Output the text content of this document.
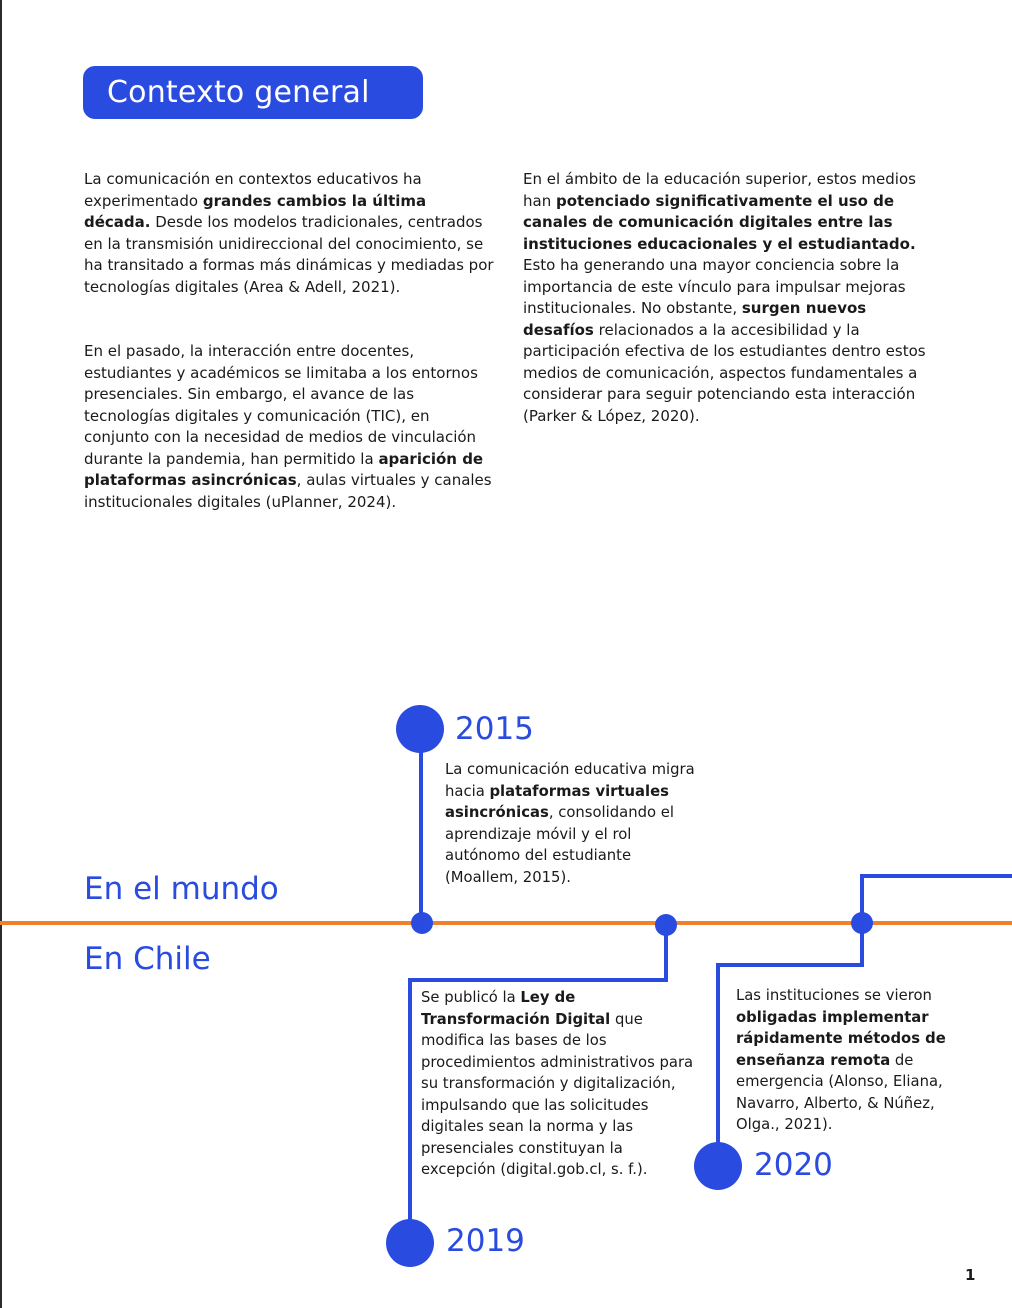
Contexto general

La comunicación en contextos educativos ha experimentado grandes cambios la última década. Desde los modelos tradicionales, centrados en la transmisión unidireccional del conocimiento, se ha transitado a formas más dinámicas y mediadas por tecnologías digitales (Area & Adell, 2021).

En el pasado, la interacción entre docentes, estudiantes y académicos se limitaba a los entornos presenciales. Sin embargo, el avance de las tecnologías digitales y comunicación (TIC), en conjunto con la necesidad de medios de vinculación durante la pandemia, han permitido la aparición de plataformas asincrónicas, aulas virtuales y canales institucionales digitales (uPlanner, 2024).

En el ámbito de la educación superior, estos medios han potenciado significativamente el uso de canales de comunicación digitales entre las instituciones educacionales y el estudiantado. Esto ha generando una mayor conciencia sobre la importancia de este vínculo para impulsar mejoras institucionales. No obstante, surgen nuevos desafíos relacionados a la accesibilidad y la participación efectiva de los estudiantes dentro estos medios de comunicación, aspectos fundamentales a considerar para seguir potenciando esta interacción (Parker & López, 2020).

En el mundo
En Chile
2015

La comunicación educativa migra hacia plataformas virtuales asincrónicas, consolidando el aprendizaje móvil y el rol autónomo del estudiante (Moallem, 2015).

Se publicó la Ley de Transformación Digital que modifica las bases de los procedimientos administrativos para su transformación y digitalización, impulsando que las solicitudes digitales sean la norma y las presenciales constituyan la excepción (digital.gob.cl, s. f.).

2019

Las instituciones se vieron obligadas implementar rápidamente métodos de enseñanza remota de emergencia (Alonso, Eliana, Navarro, Alberto, & Núñez, Olga., 2021).

2020
1
